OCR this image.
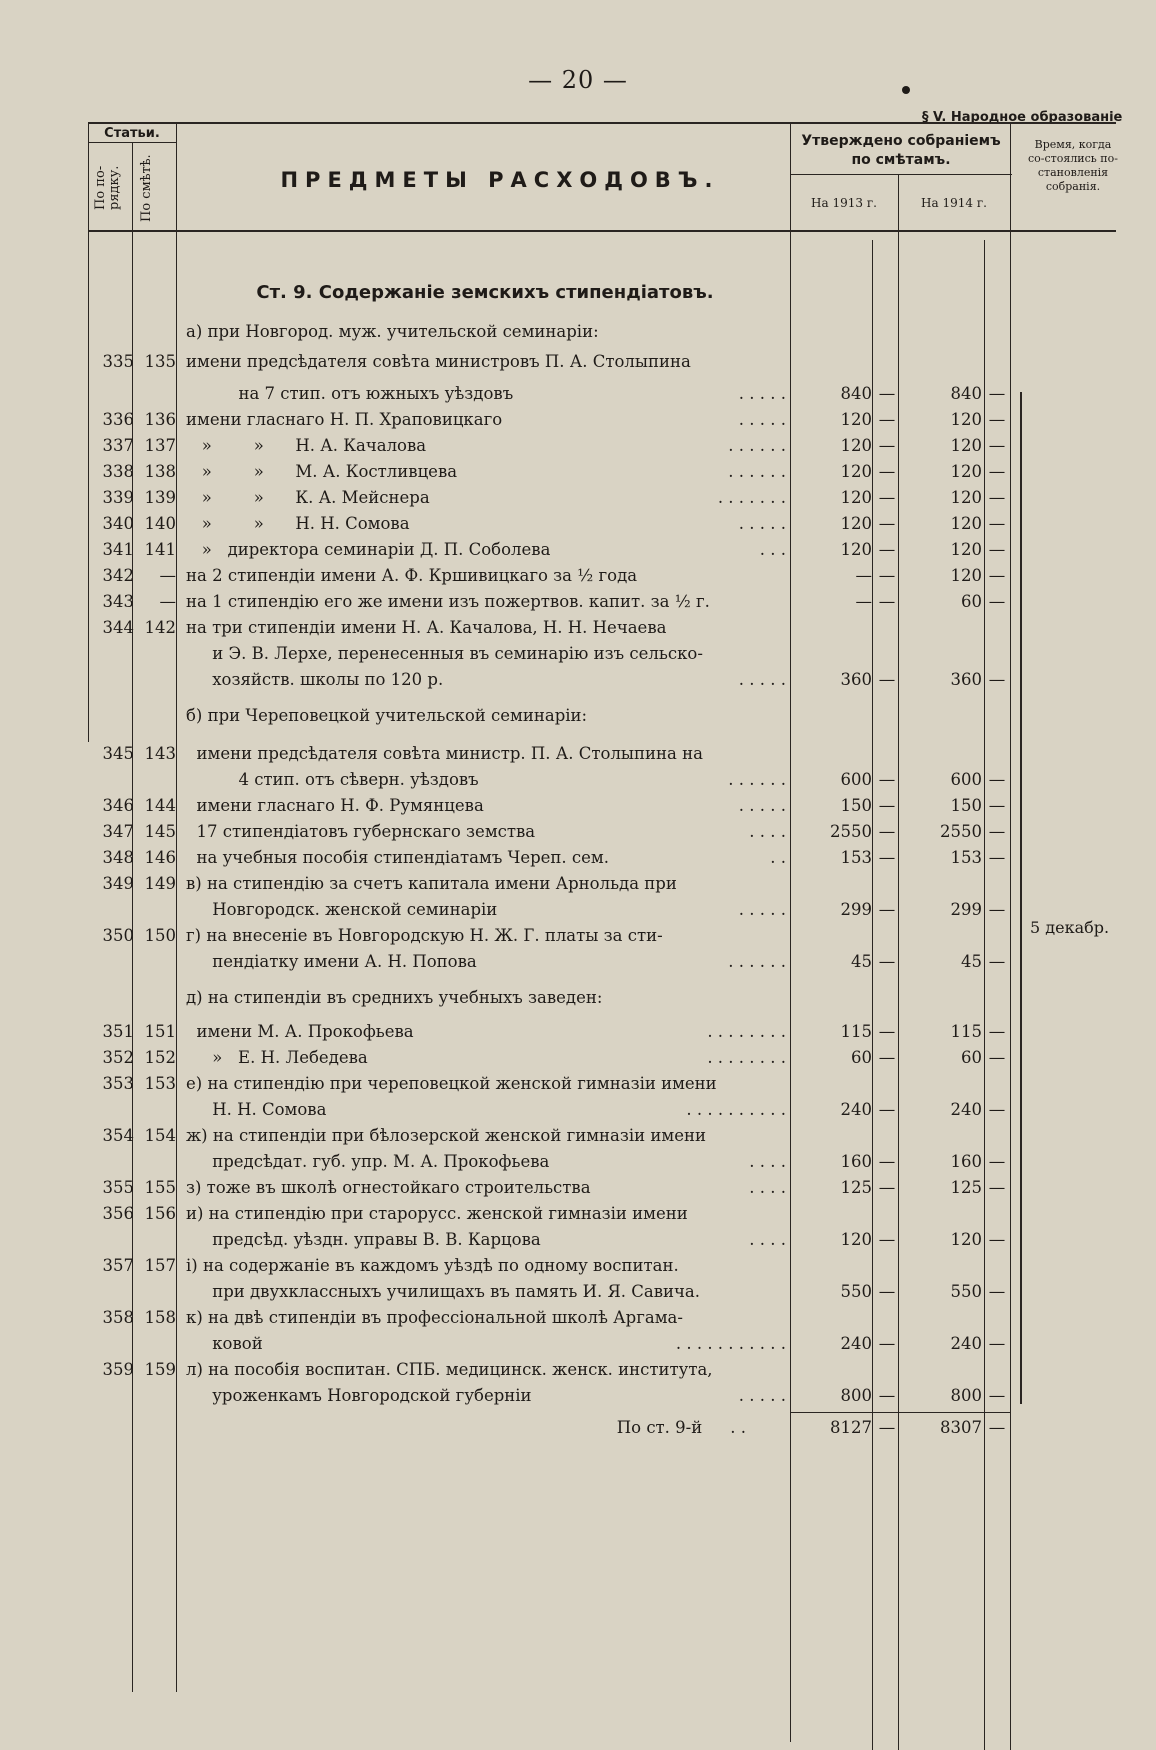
— 20 —
§ V. Народное образованіе
Статьи.
По по-рядку. По смѣтѣ.	ПРЕДМЕТЫ РАСХОДОВЪ.
Утверждено собраніемъ по смѣтамъ.
На 1913 г.	На 1914 г.
Время, когда со-стоялись по-становленія собранія.
Ст. 9. Содержаніе земскихъ стипендіатовъ.
5 декабр.
а) при Новгород. муж. учительской семинаріи:
335 135 имени предсѣдателя совѣта министровъ П. А. Столыпина
на 7 стип. отъ южныхъ уѣздовъ	. . . . .	840 —	840 —
336 136 имени гласнаго Н. П. Храповицкаго	. . . . .	120 —	120 —
337 137 »        »      Н. А. Качалова	. . . . . .	120 —	120 —
338 138 »        »      М. А. Костливцева	. . . . . .	120 —	120 —
339 139 »        »      К. А. Мейснера	. . . . . . .	120 —	120 —
340 140 »        »      Н. Н. Сомова	. . . . .	120 —	120 —
341 141 »   директора семинаріи Д. П. Соболева	. . .	120 —	120 —
342	— на 2 стипендіи имени А. Ф. Кршивицкаго за ½ года	— —	120 —
343	— на 1 стипендію его же имени изъ пожертвов. капит. за ½ г.	— —	60 —
344 142 на три стипендіи имени Н. А. Качалова, Н. Н. Нечаева
и Э. В. Лерхе, перенесенныя въ семинарію изъ сельско-
хозяйств. школы по 120 р.	. . . . .	360 —	360 —
б) при Череповецкой учительской семинаріи:
345 143 имени предсѣдателя совѣта министр. П. А. Столыпина на
4 стип. отъ сѣверн. уѣздовъ	. . . . . .	600 —	600 —
346 144 имени гласнаго Н. Ф. Румянцева	. . . . .	150 —	150 —
347 145 17 стипендіатовъ губернскаго земства	. . . .	2550 —	2550 —
348 146 на учебныя пособія стипендіатамъ Череп. сем.	. .	153 —	153 —
349 149 в) на стипендію за счетъ капитала имени Арнольда при
Новгородск. женской семинаріи	. . . . .	299 —	299 —
350 150 г) на внесеніе въ Новгородскую Н. Ж. Г. платы за сти-
пендіатку имени А. Н. Попова	. . . . . .	45 —	45 —
д) на стипендіи въ среднихъ учебныхъ заведен:
351 151 имени М. А. Прокофьева	. . . . . . . .	115 —	115 —
352 152 »   Е. Н. Лебедева	. . . . . . . .	60 —	60 —
353 153 е) на стипендію при череповецкой женской гимназіи имени
Н. Н. Сомова	. . . . . . . . . .	240 —	240 —
354 154 ж) на стипендіи при бѣлозерской женской гимназіи имени
предсѣдат. губ. упр. М. А. Прокофьева	. . . .	160 —	160 —
355 155 з) тоже въ школѣ огнестойкаго строительства	. . . .	125 —	125 —
356 156 и) на стипендію при старорусс. женской гимназіи имени
предсѣд. уѣздн. управы В. В. Карцова	. . . .	120 —	120 —
357 157 і) на содержаніе въ каждомъ уѣздѣ по одному воспитан.
при двухклассныхъ училищахъ въ память И. Я. Савича.	550 —	550 —
358 158 к) на двѣ стипендіи въ профессіональной школѣ Аргама-
ковой	. . . . . . . . . . .	240 —	240 —
359 159 л) на пособія воспитан. СПБ. медицинск. женск. института,
уроженкамъ Новгородской губерніи	. . . . .	800 —	800 —
По ст. 9-й . .	8127 —	8307 —
